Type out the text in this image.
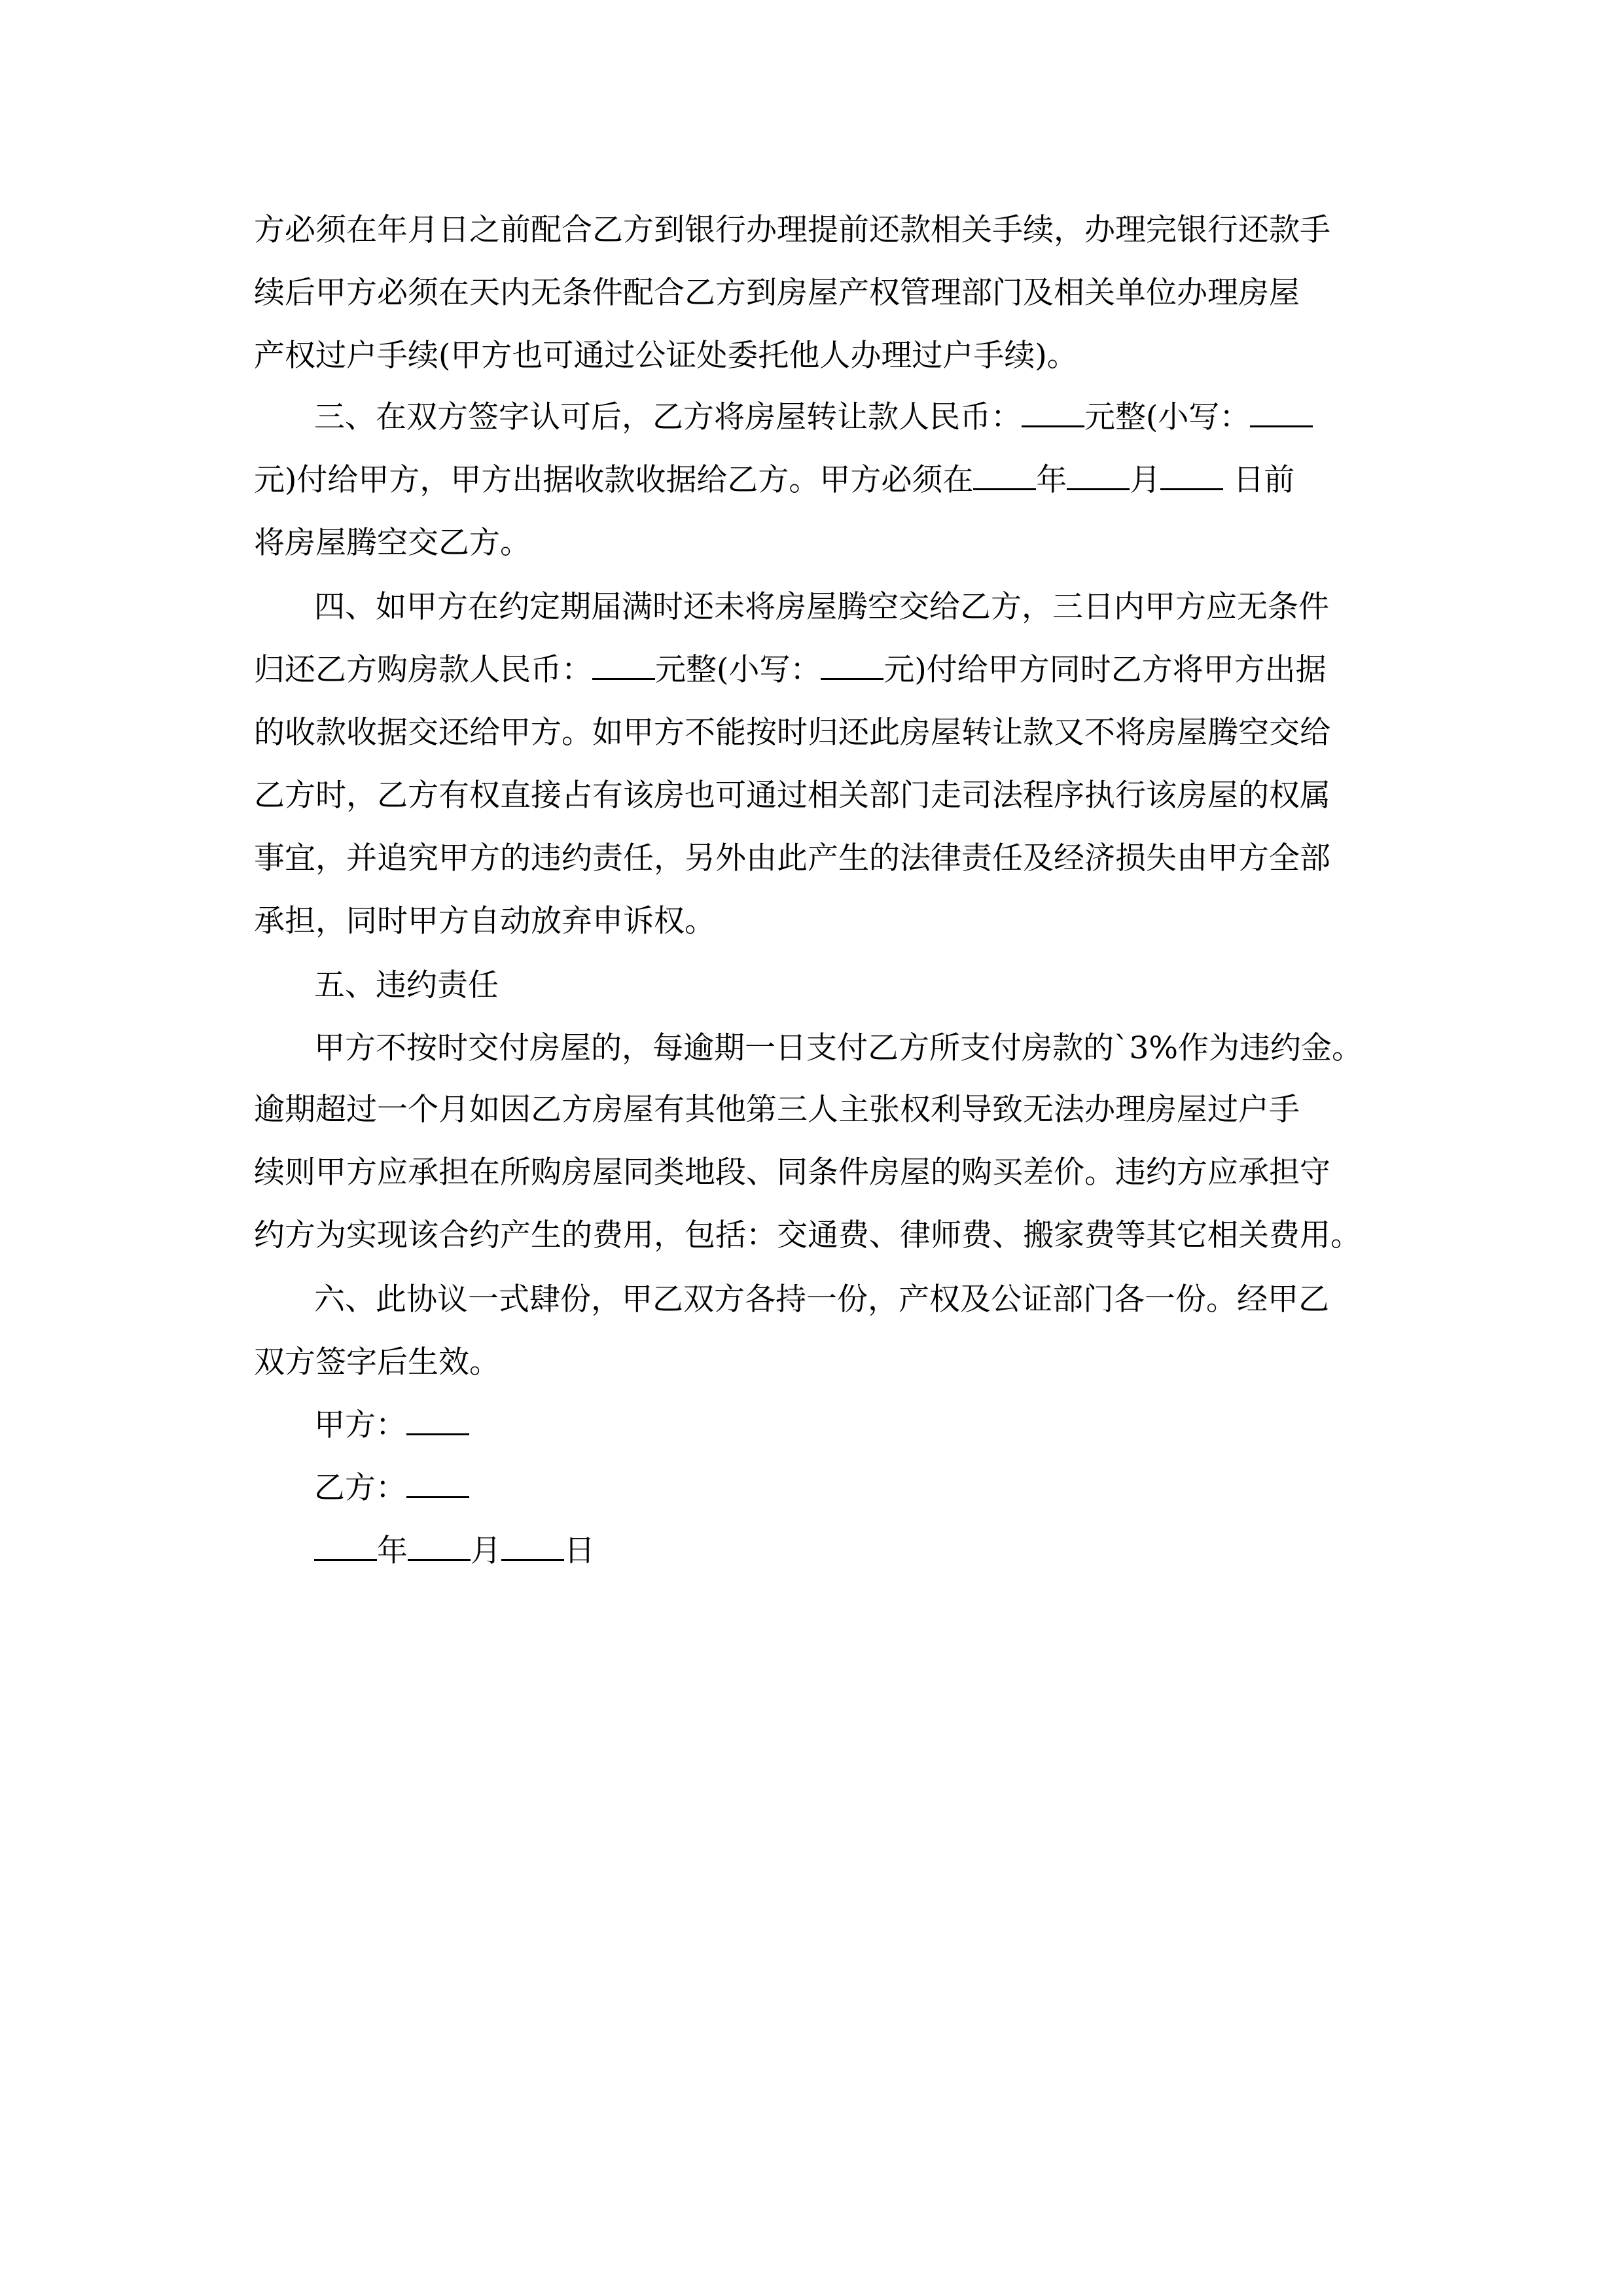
方必须在年月日之前配合乙方到银行办理提前还款相关手续，办理完银行还款手
续后甲方必须在天内无条件配合乙方到房屋产权管理部门及相关单位办理房屋
产权过户手续(甲方也可通过公证处委托他人办理过户手续)。
三、在双方签字认可后，乙方将房屋转让款人民币： 元整(小写：
元)付给甲方，甲方出据收款收据给乙方。甲方必须在 年 月 日前
将房屋腾空交乙方。
四、如甲方在约定期届满时还未将房屋腾空交给乙方，三日内甲方应无条件
归还乙方购房款人民币： 元整(小写： 元)付给甲方同时乙方将甲方出据
的收款收据交还给甲方。如甲方不能按时归还此房屋转让款又不将房屋腾空交给
乙方时，乙方有权直接占有该房也可通过相关部门走司法程序执行该房屋的权属
事宜，并追究甲方的违约责任，另外由此产生的法律责任及经济损失由甲方全部
承担，同时甲方自动放弃申诉权。
五、违约责任
甲方不按时交付房屋的，每逾期一日支付乙方所支付房款的`3%作为违约金。
逾期超过一个月如因乙方房屋有其他第三人主张权利导致无法办理房屋过户手
续则甲方应承担在所购房屋同类地段、同条件房屋的购买差价。违约方应承担守
约方为实现该合约产生的费用，包括：交通费、律师费、搬家费等其它相关费用。
六、此协议一式肆份，甲乙双方各持一份，产权及公证部门各一份。经甲乙
双方签字后生效。
甲方：
乙方：
年 月 日
